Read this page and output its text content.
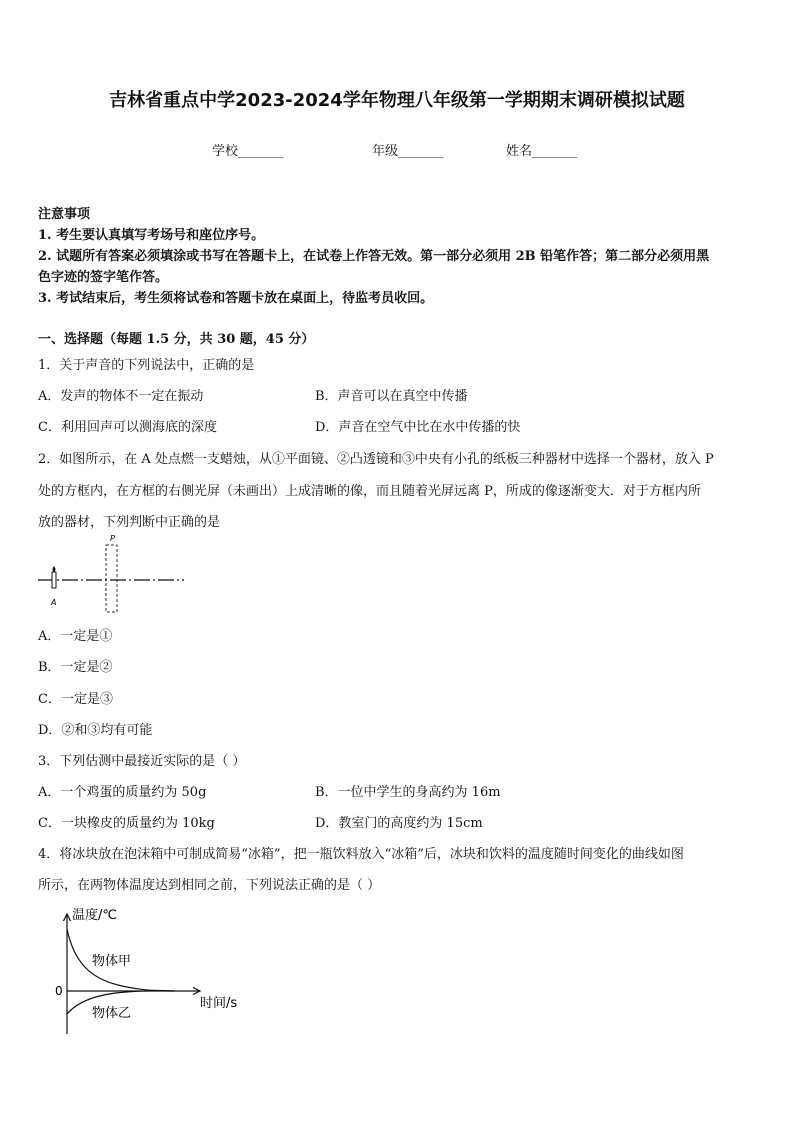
吉林省重点中学2023-2024学年物理八年级第一学期期末调研模拟试题
学校_______	年级_______	姓名_______
注意事项
1. 考生要认真填写考场号和座位序号。
2. 试题所有答案必须填涂或书写在答题卡上，在试卷上作答无效。第一部分必须用 2B 铅笔作答；第二部分必须用黑
色字迹的签字笔作答。
3. 考试结束后，考生须将试卷和答题卡放在桌面上，待监考员收回。
一、选择题（每题 1.5 分，共 30 题，45 分）
1．关于声音的下列说法中，正确的是
A．发声的物体不一定在振动	B．声音可以在真空中传播
C．利用回声可以测海底的深度	D．声音在空气中比在水中传播的快
2．如图所示，在 A 处点燃一支蜡烛，从①平面镜、②凸透镜和③中央有小孔的纸板三种器材中选择一个器材，放入 P
处的方框内，在方框的右侧光屏（未画出）上成清晰的像，而且随着光屏远离 P，所成的像逐渐变大．对于方框内所
放的器材，下列判断中正确的是
P
A
A．一定是①
B．一定是②
C．一定是③
D．②和③均有可能
3．下列估测中最接近实际的是（ ）
A．一个鸡蛋的质量约为 50g	B．一位中学生的身高约为 16m
C．一块橡皮的质量约为 10kg	D．教室门的高度约为 15cm
4．将冰块放在泡沫箱中可制成简易“冰箱”，把一瓶饮料放入“冰箱”后，冰块和饮料的温度随时间变化的曲线如图
所示，在两物体温度达到相同之前，下列说法正确的是（ ）
温度/℃
时间/s
0
物体甲
物体乙
